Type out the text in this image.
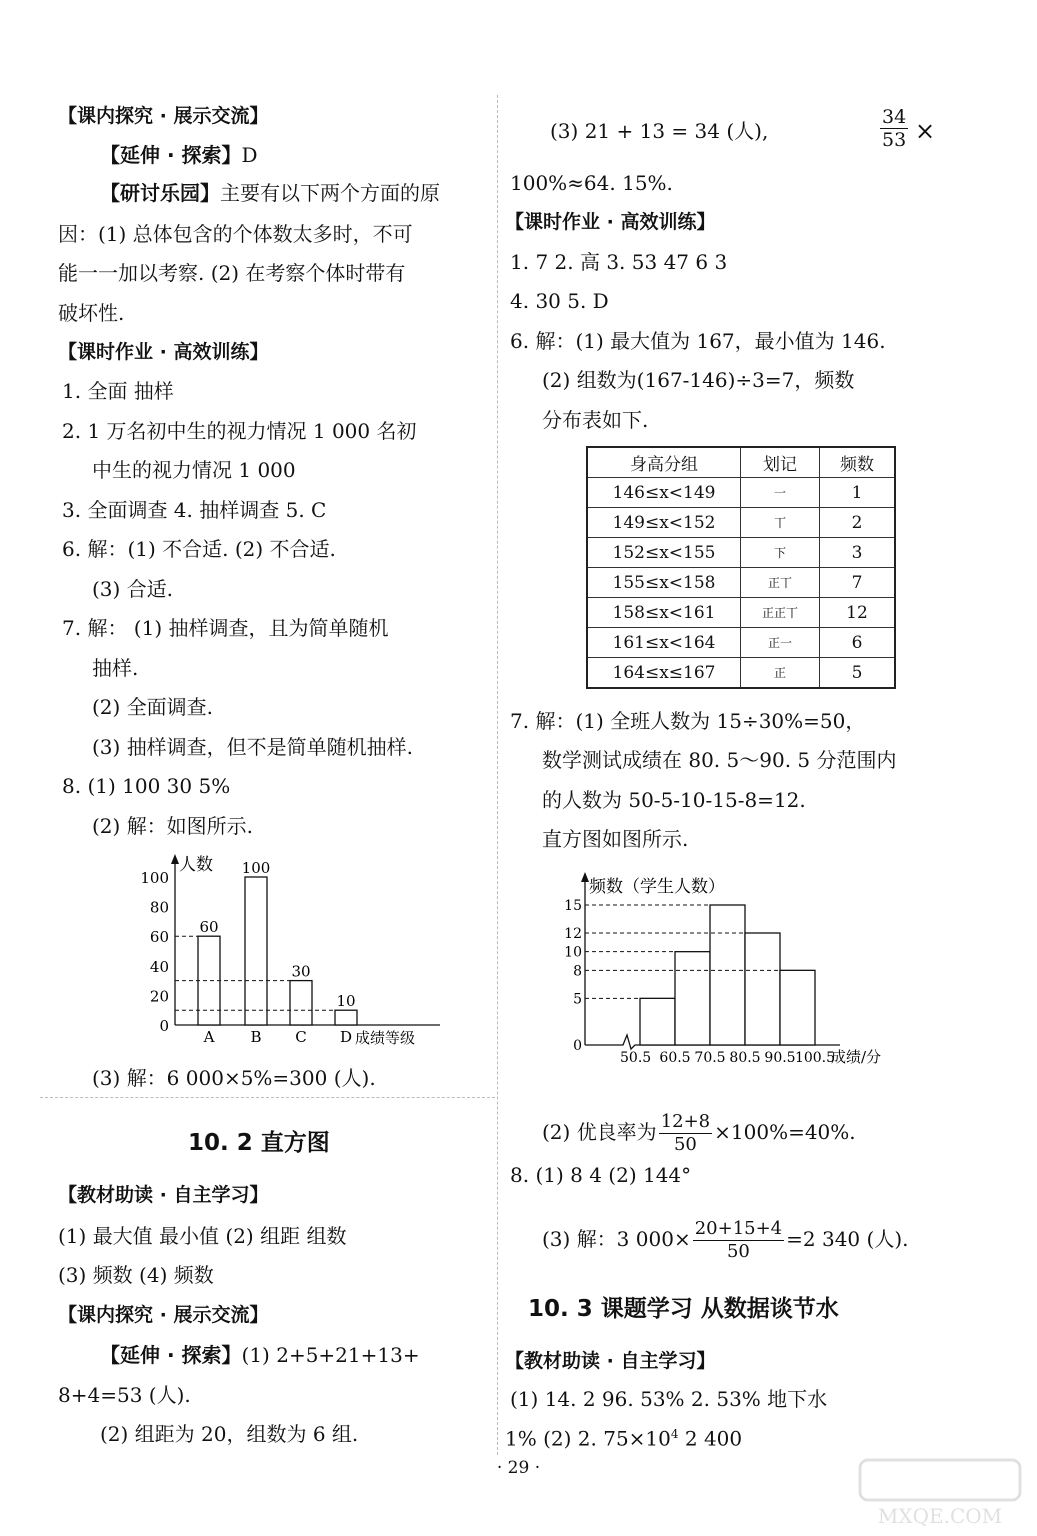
【课内探究 · 展示交流】
【延伸 · 探索】D
【研讨乐园】主要有以下两个方面的原
因：(1) 总体包含的个体数太多时，不可
能一一加以考察. (2) 在考察个体时带有
破坏性.
【课时作业 · 高效训练】
1. 全面 抽样
2. 1 万名初中生的视力情况 1 000 名初
中生的视力情况 1 000
3. 全面调查 4. 抽样调查 5. C
6. 解：(1) 不合适. (2) 不合适.
(3) 合适.
7. 解： (1) 抽样调查，且为简单随机
抽样.
(2) 全面调查.
(3) 抽样调查，但不是简单随机抽样.
8. (1) 100 30 5%
(2) 解：如图所示.
0
20
40
60
80
100
人数
成绩等级
60
A
100
B
30
C
10
D
(3) 解：6 000×5%=300 (人).
10. 2 直方图
【教材助读 · 自主学习】
(1) 最大值 最小值 (2) 组距 组数
(3) 频数 (4) 频数
【课内探究 · 展示交流】
【延伸 · 探索】(1) 2+5+21+13+
8+4=53 (人).
(2) 组距为 20，组数为 6 组.
(3) 21 + 13 = 34 (人),	$\frac{34}{53}$ ×
100%≈64. 15%.
【课时作业 · 高效训练】
1. 7 2. 高 3. 53 47 6 3
4. 30 5. D
6. 解：(1) 最大值为 167，最小值为 146.
(2) 组数为(167-146)÷3=7，频数
分布表如下.
身高分组	划记	频数
146≤x<149	一	1
149≤x<152	丅	2
152≤x<155	下	3
155≤x<158	正丅	7
158≤x<161	正正丅	12
161≤x<164	正一	6
164≤x≤167	正	5
7. 解：(1) 全班人数为 15÷30%=50，
数学测试成绩在 80. 5～90. 5 分范围内
的人数为 50-5-10-15-8=12.
直方图如图所示.
0
5
8
10
12
15
频数（学生人数）
50.5 60.5 70.5 80.5 90.5 100.5
成绩/分
(2) 优良率为 $\frac{12+8}{50} \times 100\%=40\%$.
8. (1) 8 4 (2) 144°
(3) 解：3 $000\times \frac{20+15+4}{50} =2$ 340 (人).
10. 3 课题学习 从数据谈节水
【教材助读 · 自主学习】
(1) 14. 2 96. 53% 2. 53% 地下水
1% (2) 2. $75\times 10^4$ 2 400
· 29 ·
MXQE.COM
